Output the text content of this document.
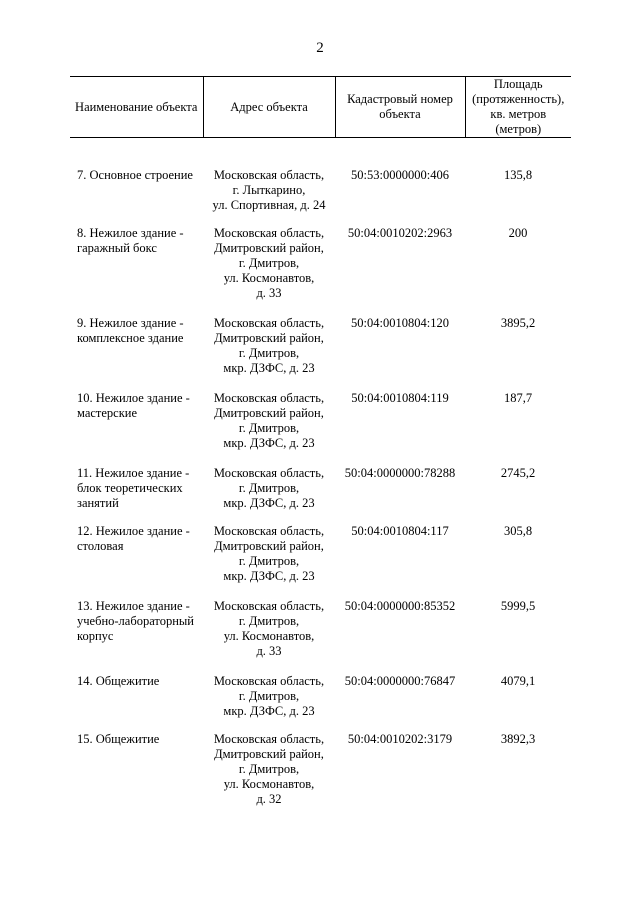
2
Наименование объекта	Адрес объекта	Кадастровый номер объекта	Площадь (протяженность), кв. метров (метров)

7. Основное строение	Московская область,
г. Лыткарино,
ул. Спортивная, д. 24	50:53:0000000:406	135,8
8. Нежилое здание - гаражный бокс	Московская область,
Дмитровский район,
г. Дмитров,
ул. Космонавтов,
д. 33	50:04:0010202:2963	200
9. Нежилое здание - комплексное здание	Московская область,
Дмитровский район,
г. Дмитров,
мкр. ДЗФС, д. 23	50:04:0010804:120	3895,2
10. Нежилое здание - мастерские	Московская область,
Дмитровский район,
г. Дмитров,
мкр. ДЗФС, д. 23	50:04:0010804:119	187,7
11. Нежилое здание - блок теоретических занятий	Московская область,
г. Дмитров,
мкр. ДЗФС, д. 23	50:04:0000000:78288	2745,2
12. Нежилое здание - столовая	Московская область,
Дмитровский район,
г. Дмитров,
мкр. ДЗФС, д. 23	50:04:0010804:117	305,8
13. Нежилое здание - учебно-лабораторный корпус	Московская область,
г. Дмитров,
ул. Космонавтов,
д. 33	50:04:0000000:85352	5999,5
14. Общежитие	Московская область,
г. Дмитров,
мкр. ДЗФС, д. 23	50:04:0000000:76847	4079,1
15. Общежитие	Московская область,
Дмитровский район,
г. Дмитров,
ул. Космонавтов,
д. 32	50:04:0010202:3179	3892,3
